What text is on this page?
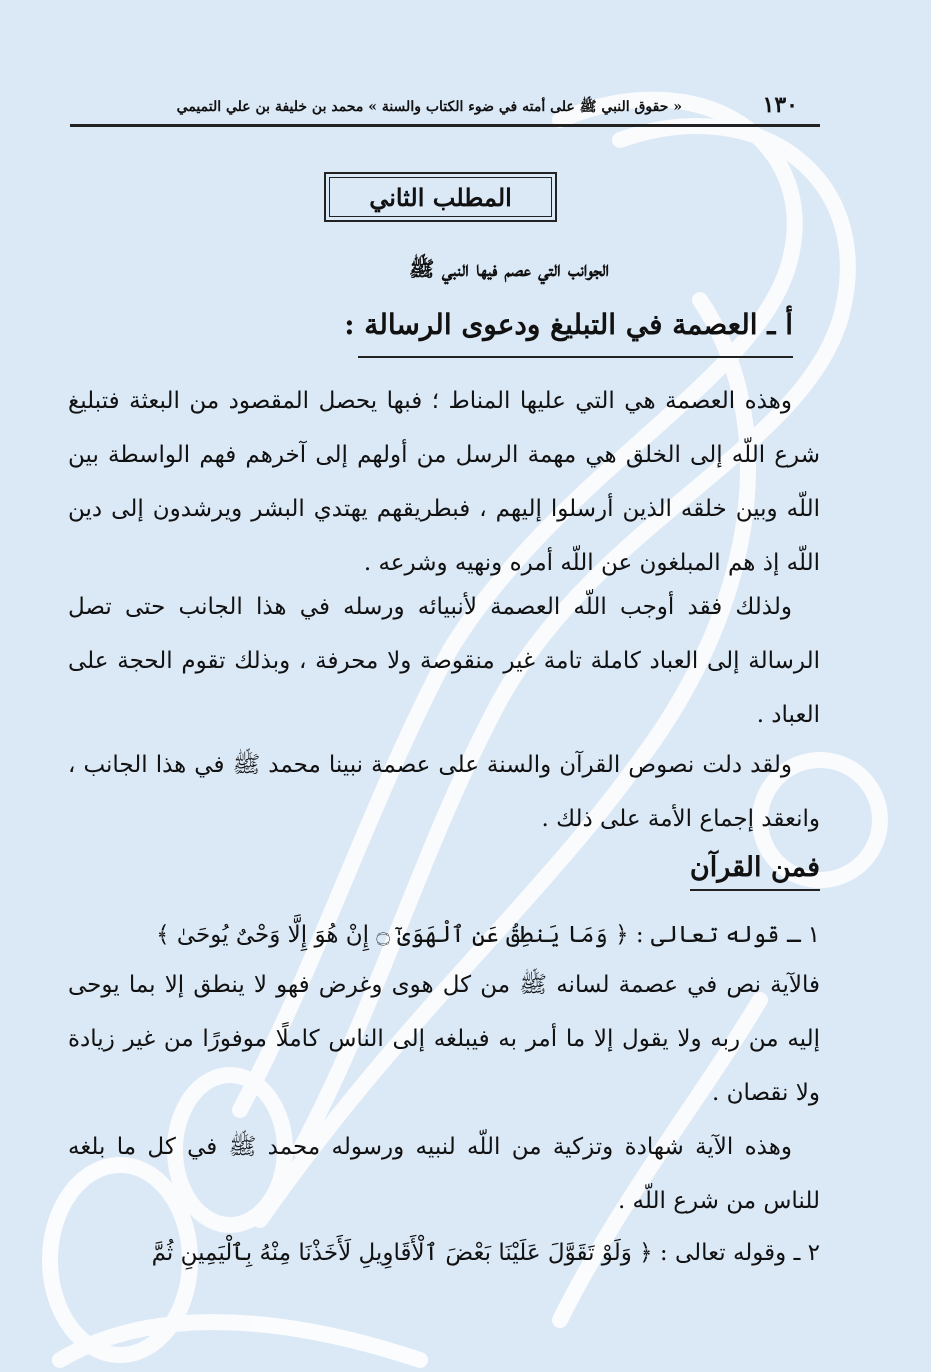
١٣٠
« حقوق النبي ﷺ على أمته في ضوء الكتاب والسنة » محمد بن خليفة بن علي التميمي
المطلب الثاني
الجوانب التي عصم فيها النبي ﷺ
أ ـ العصمة في التبليغ ودعوى الرسالة :

وهذه العصمة هي التي عليها المناط ؛ فبها يحصل المقصود من البعثة فتبليغ شرع اللّه إلى الخلق هي مهمة الرسل من أولهم إلى آخرهم فهم الواسطة بين اللّه وبين خلقه الذين أرسلوا إليهم ، فبطريقهم يهتدي البشر ويرشدون إلى دين اللّه إذ هم المبلغون عن اللّه أمره ونهيه وشرعه .

ولذلك فقد أوجب اللّه العصمة لأنبيائه ورسله في هذا الجانب حتى تصل الرسالة إلى العباد كاملة تامة غير منقوصة ولا محرفة ، وبذلك تقوم الحجة على العباد .

ولقد دلت نصوص القرآن والسنة على عصمة نبينا محمد ﷺ في هذا الجانب ، وانعقد إجماع الأمة على ذلك .

فمن القرآن
١ ـ قوله تعالى : ﴿ وَمَا يَنطِقُ عَنِ ٱلْهَوَىٰٓ ۝ إِنْ هُوَ إِلَّا وَحْىٌ يُوحَىٰ ﴾

فالآية نص في عصمة لسانه ﷺ من كل هوى وغرض فهو لا ينطق إلا بما يوحى إليه من ربه ولا يقول إلا ما أمر به فيبلغه إلى الناس كاملًا موفورًا من غير زيادة ولا نقصان .

وهذه الآية شهادة وتزكية من اللّه لنبيه ورسوله محمد ﷺ في كل ما بلغه للناس من شرع اللّه .

٢ ـ وقوله تعالى : ﴿ وَلَوْ تَقَوَّلَ عَلَيْنَا بَعْضَ ٱلْأَقَاوِيلِ لَأَخَذْنَا مِنْهُ بِٱلْيَمِينِ ثُمَّ
